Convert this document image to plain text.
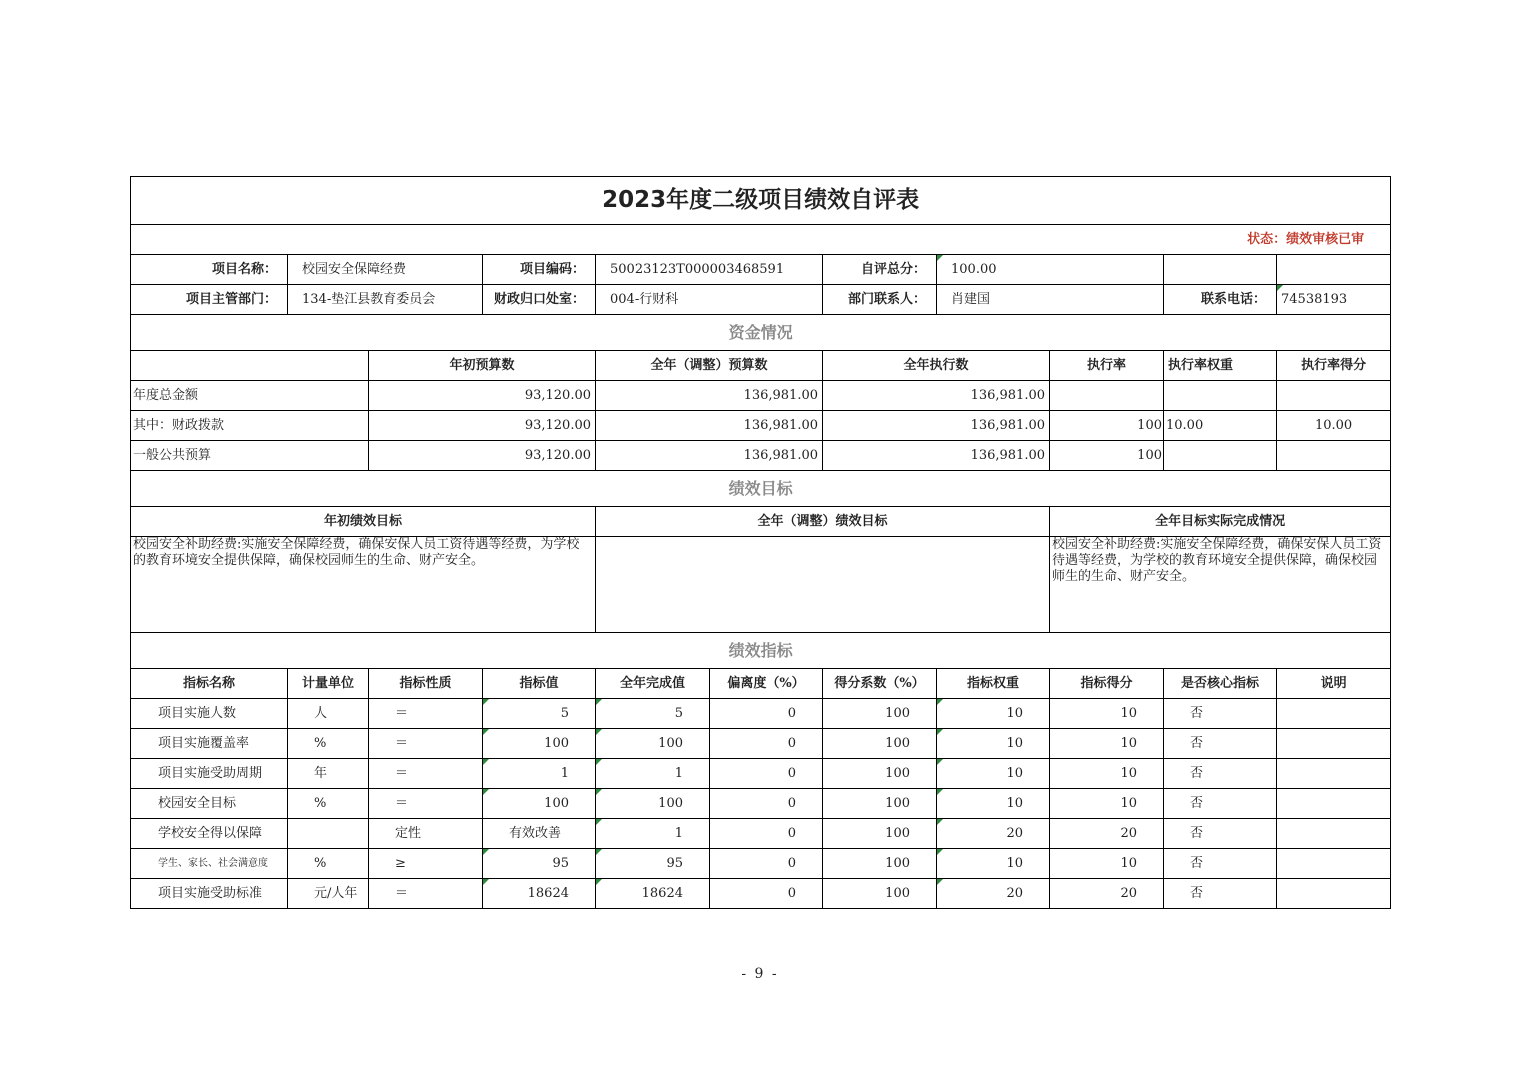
2023年度二级项目绩效自评表										
状态：绩效审核已审										
项目名称：	校园安全保障经费		项目编码：	50023123T000003468591		自评总分：	100.00			
项目主管部门：	134-垫江县教育委员会		财政归口处室：	004-行财科		部门联系人：	肖建国		联系电话：	74538193
资金情况										
		年初预算数		全年（调整）预算数		全年执行数		执行率	执行率权重	执行率得分
年度总金额		93,120.00		136,981.00		136,981.00				
其中：财政拨款		93,120.00		136,981.00		136,981.00		100	10.00	10.00
一般公共预算		93,120.00		136,981.00		136,981.00		100		
绩效目标										
年初绩效目标				全年（调整）绩效目标				全年目标实际完成情况		
校园安全补助经费:实施安全保障经费，确保安保人员工资待遇等经费，为学校的教育环境安全提供保障，确保校园师生的生命、财产安全。								校园安全补助经费:实施安全保障经费，确保安保人员工资待遇等经费，为学校的教育环境安全提供保障，确保校园师生的生命、财产安全。		
绩效指标										
指标名称	计量单位	指标性质	指标值	全年完成值	偏离度（%）	得分系数（%）	指标权重	指标得分	是否核心指标	说明
项目实施人数	人	＝	5	5	0	100	10	10	否	
项目实施覆盖率	%	＝	100	100	0	100	10	10	否	
项目实施受助周期	年	＝	1	1	0	100	10	10	否	
校园安全目标	%	＝	100	100	0	100	10	10	否	
学校安全得以保障		定性	有效改善	1	0	100	20	20	否	
学生、家长、社会满意度	%	≥	95	95	0	100	10	10	否	
项目实施受助标准	元/人年	＝	18624	18624	0	100	20	20	否	
- 9 -
